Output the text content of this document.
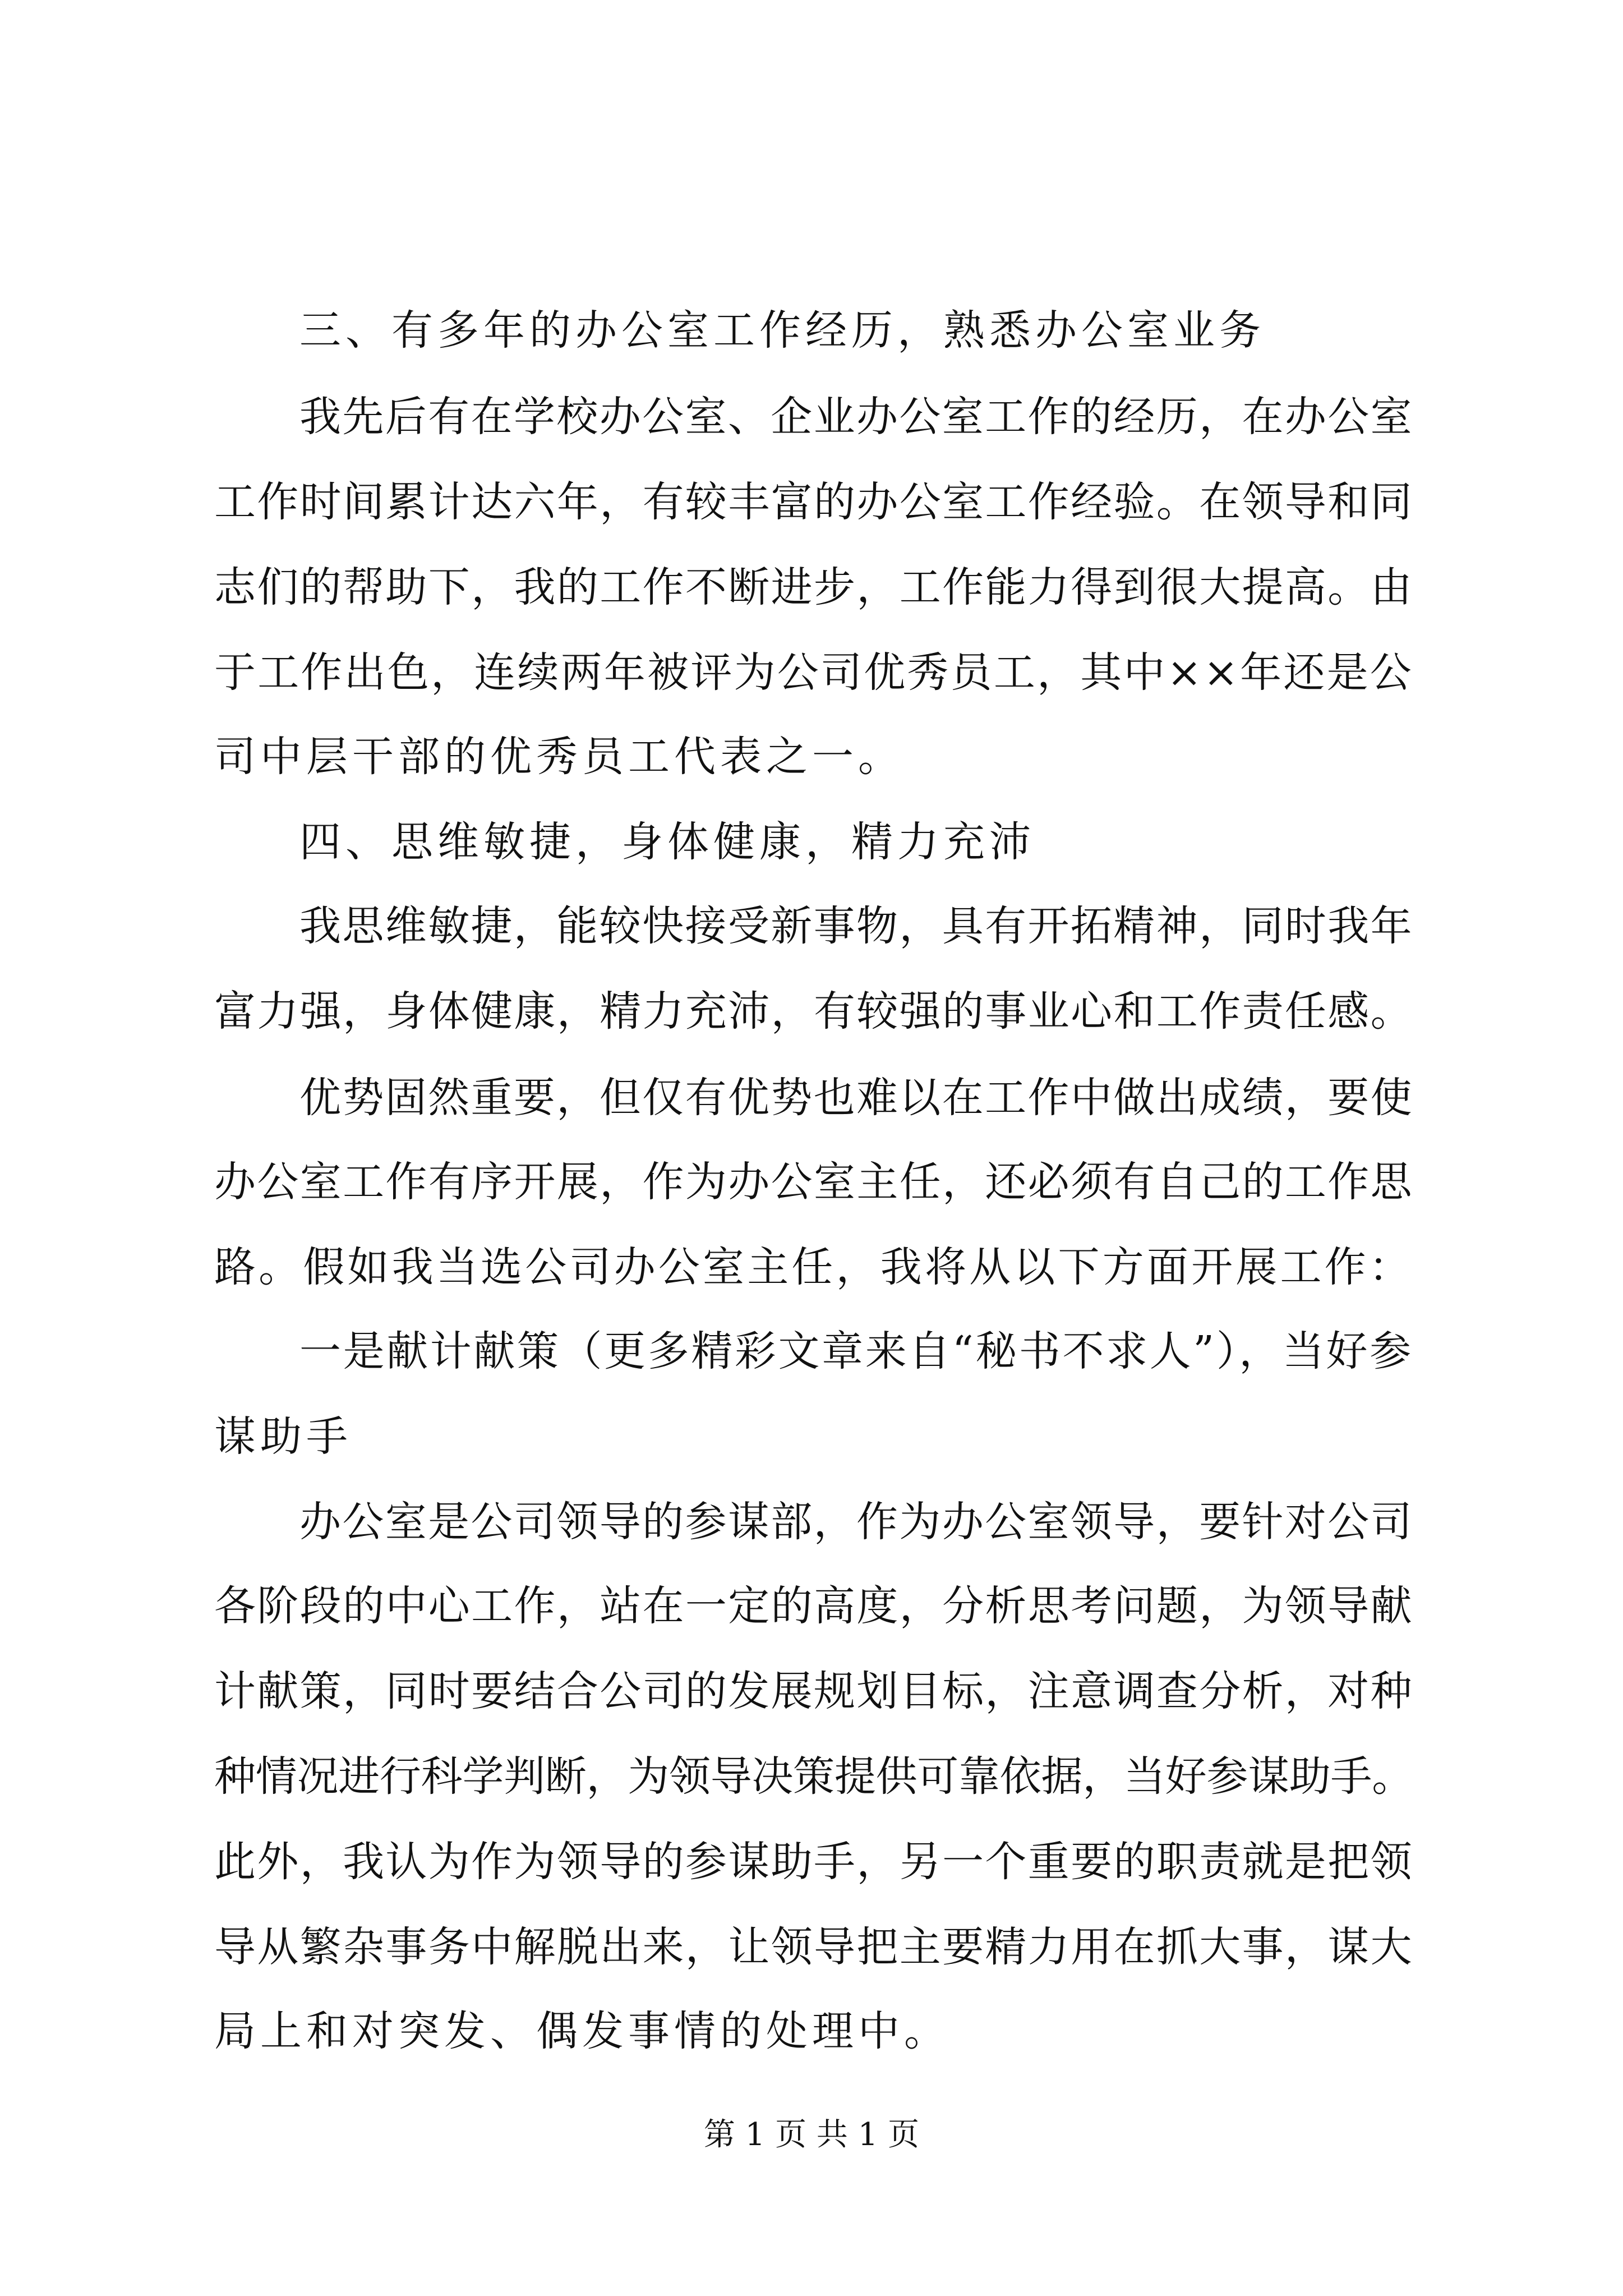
三、有多年的办公室工作经历，熟悉办公室业务
我先后有在学校办公室、企业办公室工作的经历，在办公室
工作时间累计达六年，有较丰富的办公室工作经验。在领导和同
志们的帮助下，我的工作不断进步，工作能力得到很大提高。由
于工作出色，连续两年被评为公司优秀员工，其中××年还是公
司中层干部的优秀员工代表之一。
四、思维敏捷，身体健康，精力充沛
我思维敏捷，能较快接受新事物，具有开拓精神，同时我年
富力强，身体健康，精力充沛，有较强的事业心和工作责任感。
优势固然重要，但仅有优势也难以在工作中做出成绩，要使
办公室工作有序开展，作为办公室主任，还必须有自己的工作思
路。假如我当选公司办公室主任，我将从以下方面开展工作：
一是献计献策（更多精彩文章来自“秘书不求人”），当好参
谋助手
办公室是公司领导的参谋部，作为办公室领导，要针对公司
各阶段的中心工作，站在一定的高度，分析思考问题，为领导献
计献策，同时要结合公司的发展规划目标，注意调查分析，对种
种情况进行科学判断，为领导决策提供可靠依据，当好参谋助手。
此外，我认为作为领导的参谋助手，另一个重要的职责就是把领
导从繁杂事务中解脱出来，让领导把主要精力用在抓大事，谋大
局上和对突发、偶发事情的处理中。
第 1 页 共 1 页
